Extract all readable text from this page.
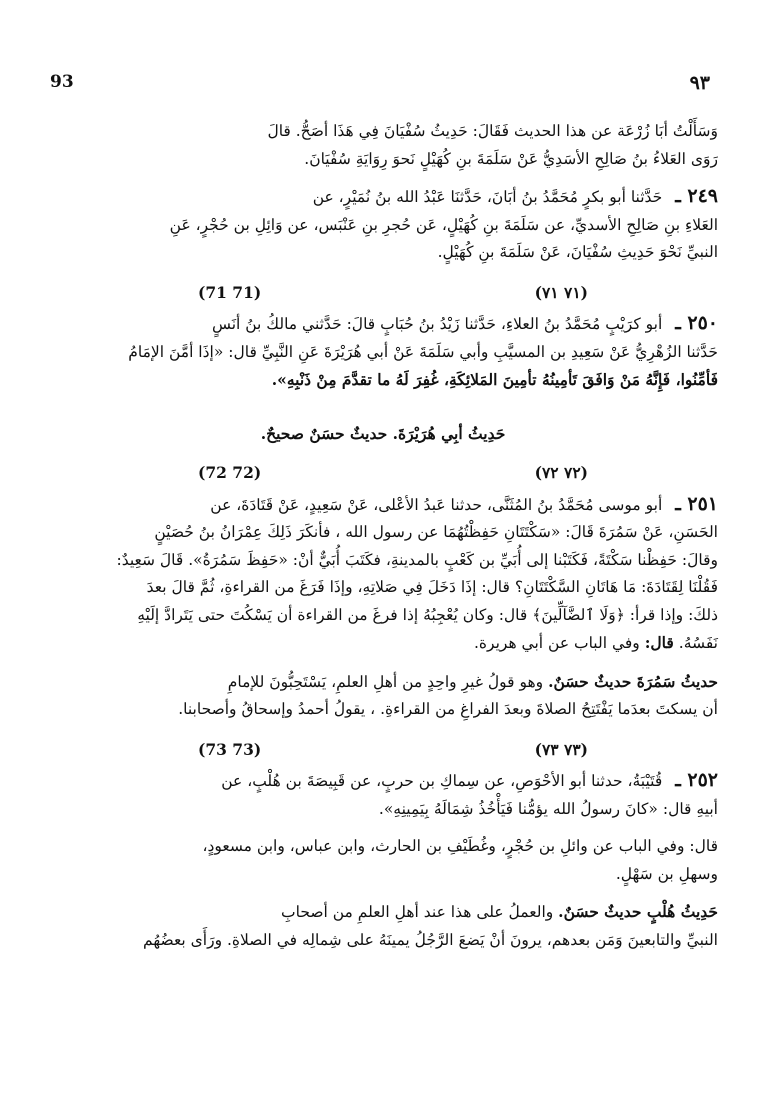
93	٩٣
وَسَأَلْتُ أبَا زُرْعَة عن هذا الحديث فَقَالَ: حَدِيثُ سُفْيَانَ فِي هَذَا أصَحُّ. قالَ
رَوَى العَلاءُ بنُ صَالِحِ الأسَدِيُّ عَنْ سَلَمَةَ بنِ كُهَيْلٍ نَحوَ رِوَايَةِ سُفْيَانَ.
٢٤٩ ـ حَدَّثنا أبو بكرٍ مُحَمَّدُ بنُ أبَانَ، حَدَّثنَا عَبْدُ الله بنُ نُمَيْرٍ، عن
العَلاءِ بنِ صَالِحِ الأسديِّ، عن سَلَمَةَ بنِ كُهَيْلٍ، عَن حُجرِ بنِ عَنْبَس، عن وَائِلِ بن حُجْرٍ، عَنِ
النبيِّ نَحْوَ حَدِيثِ سُفْيَانَ، عَنْ سَلَمَةَ بنِ كُهَيْلٍ.
(71 71)	(٧١ ٧١)
٢٥٠ ـ أبو كرَيْبٍ مُحَمَّدُ بنُ العلاءِ، حَدَّثنا زَيْدُ بنُ حُبَابٍ قالَ: حَدَّثني مالكُ بنُ أنَسٍ
حَدَّثنا الزُهْرِيُّ عَنْ سَعِيدِ بن المسيَّبِ وأبي سَلَمَةَ عَنْ أبي هُرَيْرَةَ عَنِ النَّبِيِّ قال: «إذَا أمَّنَ الإمَامُ
فَأمِّنُوا، فَإِنَّهُ مَنْ وَافَقَ تَأمِينُهُ تأمِينَ المَلائِكَةِ، غُفِرَ لَهُ ما تقدَّمَ مِنْ ذَنْبِهِ».
حَدِيثُ أبِي هُرَيْرَةَ. حديثٌ حسَنٌ صحيحٌ.
(72 72)	(٧٢ ٧٢)
٢٥١ ـ أبو موسى مُحَمَّدُ بنُ المُثَنَّى، حدثنا عَبدُ الأعْلى، عَنْ سَعِيدٍ، عَنْ قَتَادَةَ، عن
الحَسَنِ، عَنْ سَمُرَةَ قَالَ: «سَكْتَتَانِ حَفِظْتُهُمَا عن رسول الله ، فأنكَرَ ذَلِكَ عِمْرَانُ بنُ حُصَيْنٍ
وقالَ: حَفِظْنا سَكْتَةً، فَكَتَبْنا إلى أُبَيِّ بن كَعْبٍ بالمدينةِ، فكَتَبَ أُبَيٌّ أنْ: «حَفِظَ سَمُرَةُ». قَالَ سَعِيدٌ:
فَقُلْنَا لِقَتَادَةَ: مَا هَاتَانِ السَّكْتَتَانِ؟ قال: إذَا دَخَلَ فِي صَلاتِهِ، وإذَا فَرَغَ من القراءةِ، ثُمَّ قالَ بعدَ
ذلكَ: وإذا قرأ: ﴿وَلَا ٱلضَّآلِّينَ﴾ قال: وكان يُعْجِبُهُ إذا فرغَ من القراءة أن يَسْكُتَ حتى يَتَرادَّ إلَيْهِ
نَفَسُهُ. قال: وفي الباب عن أبي هريرة.
حديثُ سَمُرَةَ حديثٌ حسَنٌ. وهو قولُ غيرِ واحِدٍ من أهلِ العلمِ، يَسْتَحِبُّونَ للإمامِ
أن يسكتَ بعدَما يَفْتَتِحُ الصلاةَ وبعدَ الفراغِ من القراءةِ. ، يقولُ أحمدُ وإسحاقُ وأصحابنا.
(73 73)	(٧٣ ٧٣)
٢٥٢ ـ قُتَيْبَةُ، حدثنا أبو الأحْوَصِ، عن سِماكِ بن حربٍ، عن قَبِيصَةَ بن هُلْبٍ، عن
أبيهِ قال: «كانَ رسولُ الله يؤمُّنا فَيَأْخُذُ شِمَالَهُ بِيَمِينِهِ».
قال: وفي الباب عن وائلِ بن حُجْرٍ، وغُطَيْفِ بن الحارث، وابن عباس، وابن مسعودٍ،
وسهلِ بن سَهْلٍ.
حَدِيثُ هُلْبٍ حديثٌ حسَنٌ. والعملُ على هذا عند أهلِ العلمِ من أصحابِ
النبيِّ والتابعينَ وَمَن بعدهم، يرونَ أنْ يَضعَ الرَّجُلُ يمينَهُ على شِمالِه في الصلاةِ. ورَأَى بعضُهُم
